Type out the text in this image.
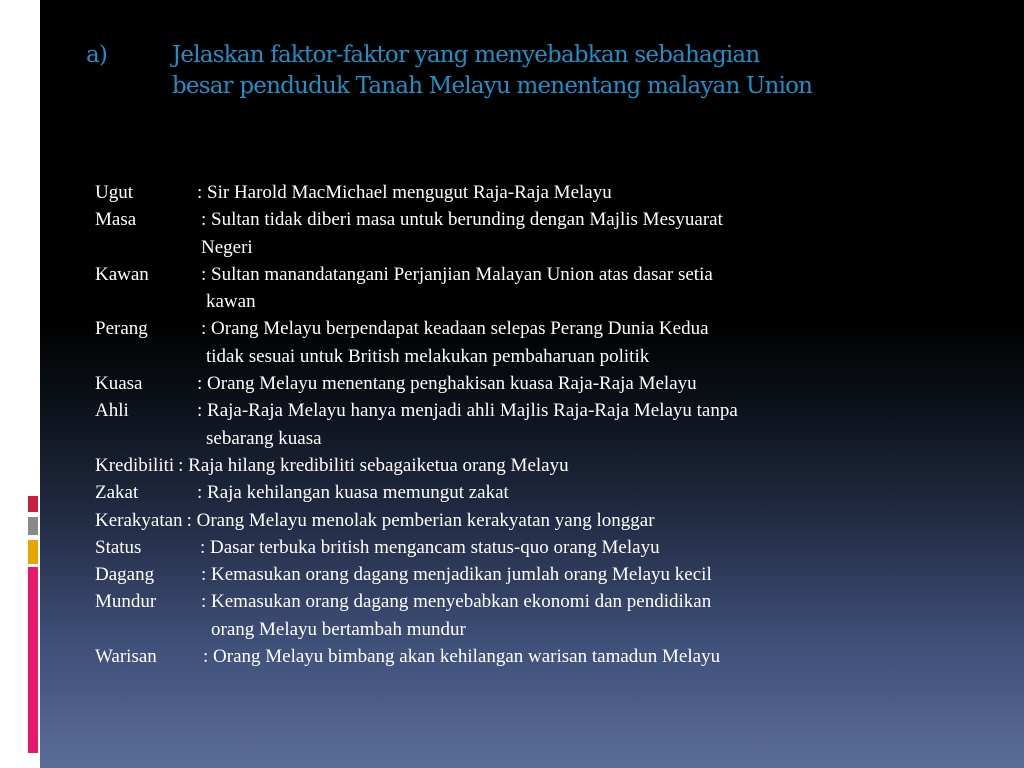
a)	Jelaskan faktor-faktor yang menyebabkan sebahagian
besar penduduk Tanah Melayu menentang malayan Union
Ugut	: Sir Harold MacMichael mengugut Raja-Raja Melayu
Masa	: Sultan tidak diberi masa untuk berunding dengan Majlis Mesyuarat
Negeri
Kawan	: Sultan manandatangani Perjanjian Malayan Union atas dasar setia
kawan
Perang	: Orang Melayu berpendapat keadaan selepas Perang Dunia Kedua
tidak sesuai untuk British melakukan pembaharuan politik
Kuasa	: Orang Melayu menentang penghakisan kuasa Raja-Raja Melayu
Ahli	: Raja-Raja Melayu hanya menjadi ahli Majlis Raja-Raja Melayu tanpa
sebarang kuasa
Kredibiliti : Raja hilang kredibiliti sebagaiketua orang Melayu
Zakat	: Raja kehilangan kuasa memungut zakat
Kerakyatan : Orang Melayu menolak pemberian kerakyatan yang longgar
Status	: Dasar terbuka british mengancam status-quo orang Melayu
Dagang : Kemasukan orang dagang menjadikan jumlah orang Melayu kecil
Mundur : Kemasukan orang dagang menyebabkan ekonomi dan pendidikan
orang Melayu bertambah mundur
Warisan : Orang Melayu bimbang akan kehilangan warisan tamadun Melayu
